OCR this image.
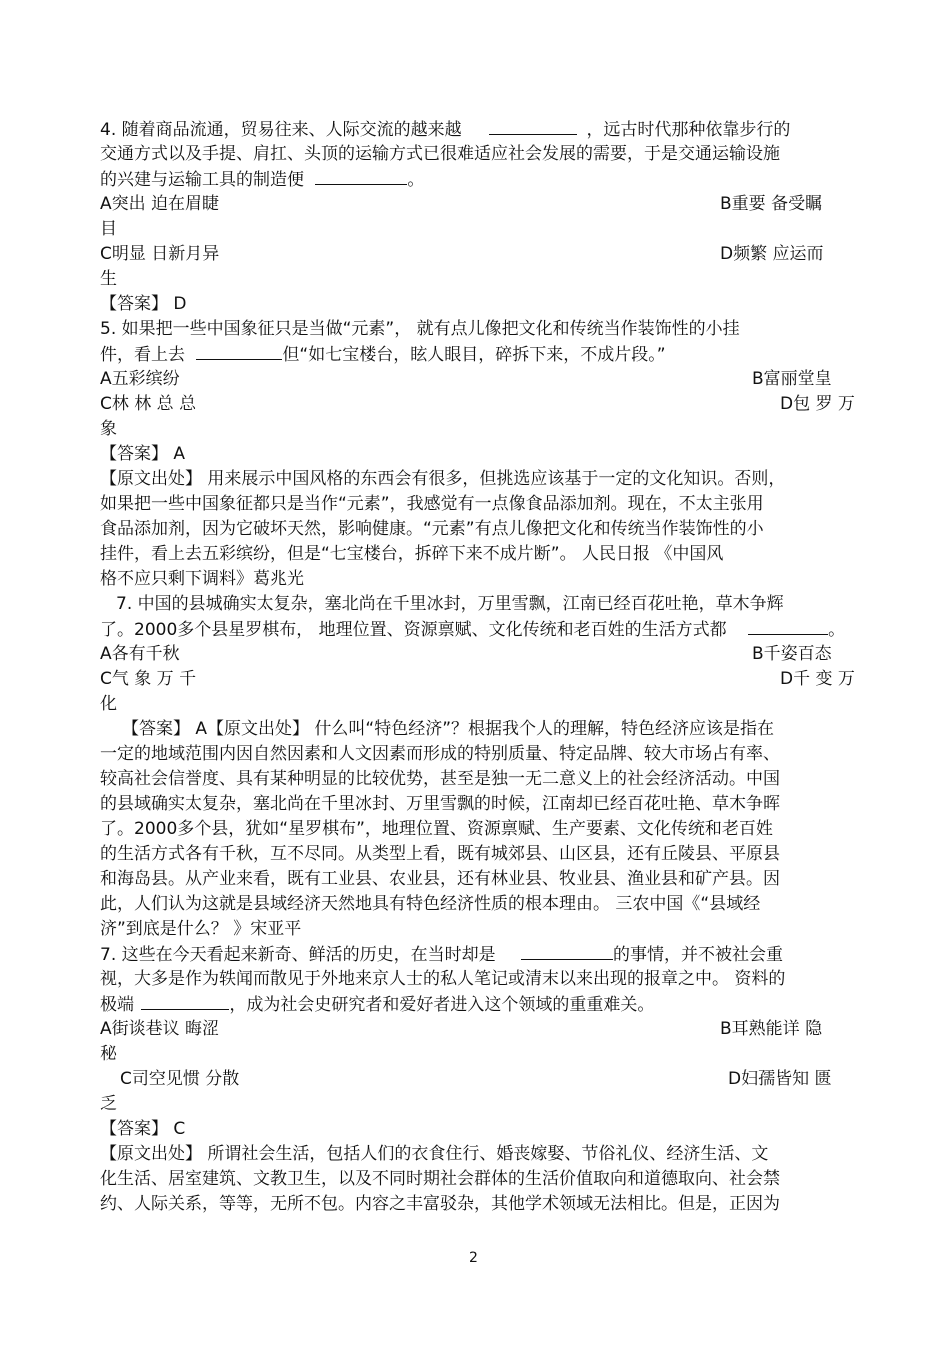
4. 随着商品流通，贸易往来、人际交流的越来越	，远古时代那种依靠步行的
交通方式以及手提、肩扛、头顶的运输方式已很难适应社会发展的需要，于是交通运输设施
的兴建与运输工具的制造便	。
A突出 迫在眉睫	B重要 备受瞩
目
C明显 日新月异	D频繁 应运而
生
【答案】 D
5. 如果把一些中国象征只是当做“元素”， 就有点儿像把文化和传统当作装饰性的小挂
件，看上去	但“如七宝楼台，眩人眼目，碎拆下来，不成片段。”
A五彩缤纷	B富丽堂皇
C林 林 总 总	D包 罗 万
象
【答案】 A
【原文出处】 用来展示中国风格的东西会有很多，但挑选应该基于一定的文化知识。否则，
如果把一些中国象征都只是当作“元素”，我感觉有一点像食品添加剂。现在，不太主张用
食品添加剂，因为它破坏天然，影响健康。“元素”有点儿像把文化和传统当作装饰性的小
挂件，看上去五彩缤纷，但是“七宝楼台，拆碎下来不成片断”。 人民日报 《中国风
格不应只剩下调料》葛兆光
7. 中国的县城确实太复杂，塞北尚在千里冰封，万里雪飘，江南已经百花吐艳，草木争辉
了。2000多个县星罗棋布， 地理位置、资源禀赋、文化传统和老百姓的生活方式都	。
A各有千秋	B千姿百态
C气 象 万 千	D千 变 万
化
【答案】 A【原文出处】 什么叫“特色经济”？根据我个人的理解，特色经济应该是指在
一定的地域范围内因自然因素和人文因素而形成的特别质量、特定品牌、较大市场占有率、
较高社会信誉度、具有某种明显的比较优势，甚至是独一无二意义上的社会经济活动。中国
的县域确实太复杂，塞北尚在千里冰封、万里雪飘的时候，江南却已经百花吐艳、草木争晖
了。2000多个县，犹如“星罗棋布”，地理位置、资源禀赋、生产要素、文化传统和老百姓
的生活方式各有千秋，互不尽同。从类型上看，既有城郊县、山区县，还有丘陵县、平原县
和海岛县。从产业来看，既有工业县、农业县，还有林业县、牧业县、渔业县和矿产县。因
此，人们认为这就是县域经济天然地具有特色经济性质的根本理由。 三农中国《“县域经
济”到底是什么？ 》宋亚平
7. 这些在今天看起来新奇、鲜活的历史，在当时却是	的事情，并不被社会重
视，大多是作为轶闻而散见于外地来京人士的私人笔记或清末以来出现的报章之中。 资料的
极端	，成为社会史研究者和爱好者进入这个领域的重重难关。
A街谈巷议 晦涩	B耳熟能详 隐
秘
C司空见惯 分散	D妇孺皆知 匮
乏
【答案】 C
【原文出处】 所谓社会生活，包括人们的衣食住行、婚丧嫁娶、节俗礼仪、经济生活、文
化生活、居室建筑、文教卫生，以及不同时期社会群体的生活价值取向和道德取向、社会禁
约、人际关系，等等，无所不包。内容之丰富驳杂，其他学术领域无法相比。但是，正因为
2
